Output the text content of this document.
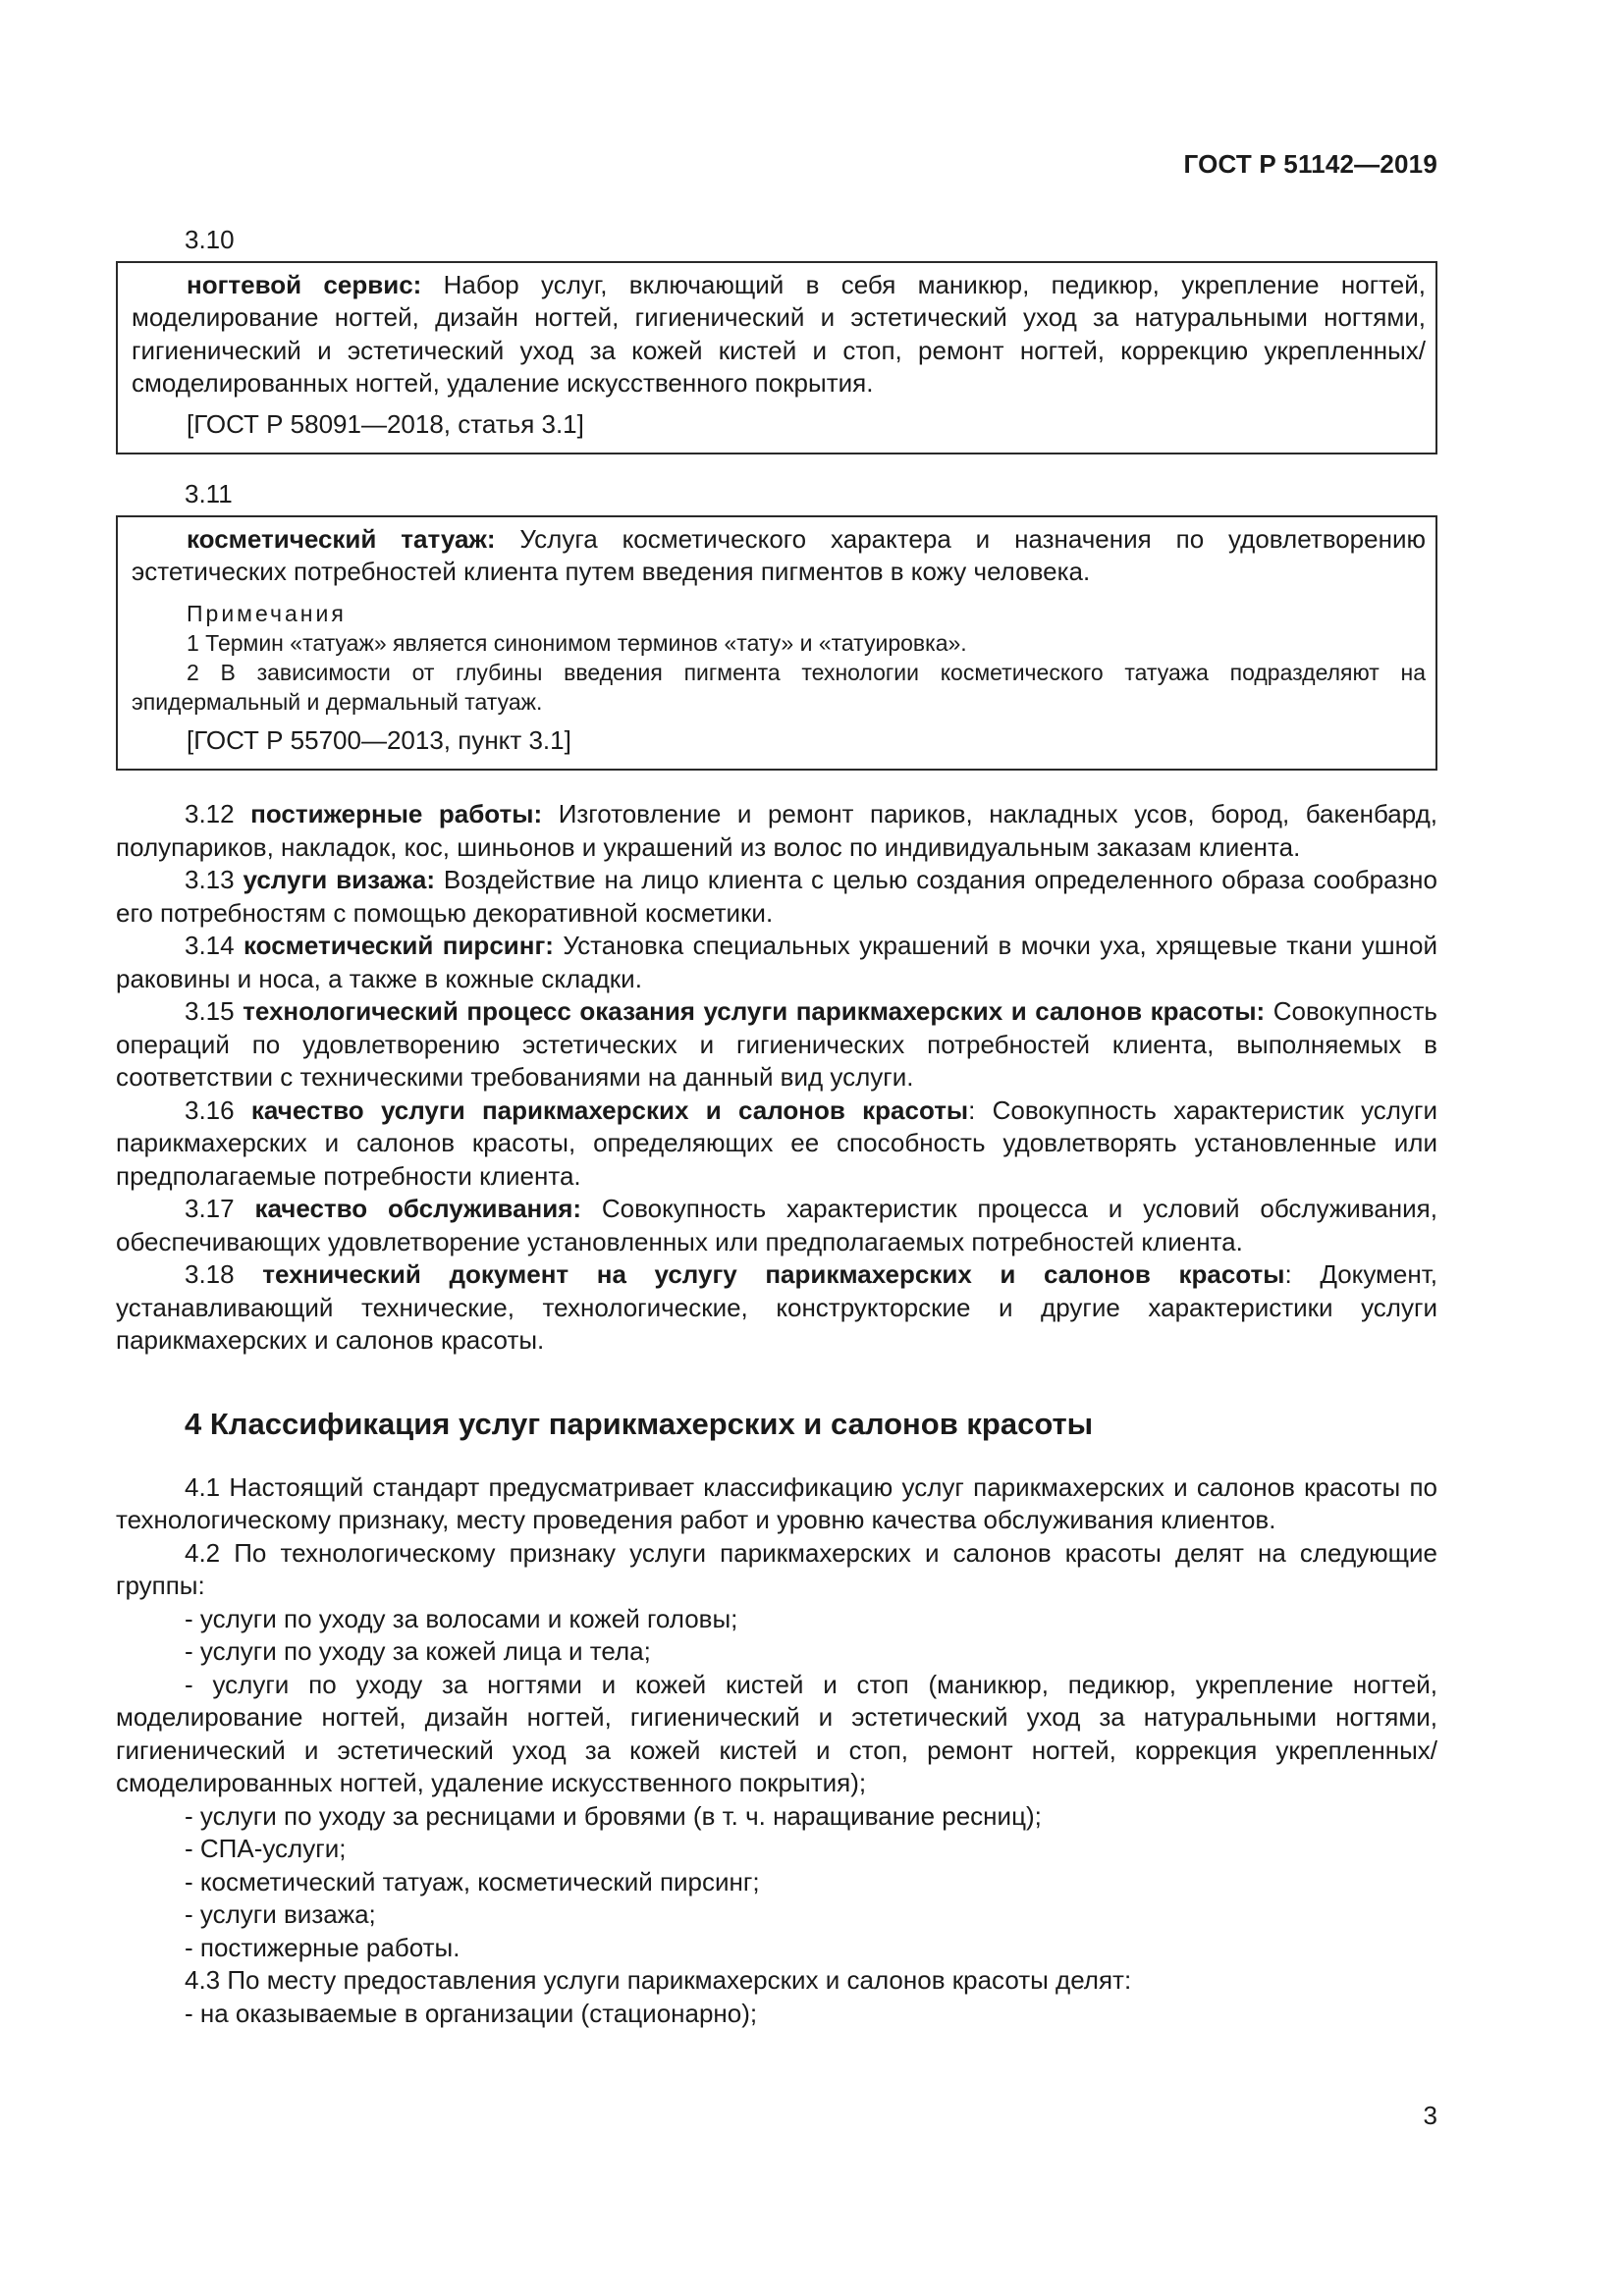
ГОСТ Р 51142—2019

3.10

ногтевой сервис: Набор услуг, включающий в себя маникюр, педикюр, укрепление ногтей, моделирование ногтей, дизайн ногтей, гигиенический и эстетический уход за натуральными ногтями, гигиенический и эстетический уход за кожей кистей и стоп, ремонт ногтей, коррекцию укрепленных/смоделированных ногтей, удаление искусственного покрытия.

[ГОСТ Р 58091—2018, статья 3.1]

3.11

косметический татуаж: Услуга косметического характера и назначения по удовлетворению эстетических потребностей клиента путем введения пигментов в кожу человека.

Примечания

1 Термин «татуаж» является синонимом терминов «тату» и «татуировка».

2 В зависимости от глубины введения пигмента технологии косметического татуажа подразделяют на эпидермальный и дермальный татуаж.

[ГОСТ Р 55700—2013, пункт 3.1]

3.12 постижерные работы: Изготовление и ремонт париков, накладных усов, бород, бакенбард, полупариков, накладок, кос, шиньонов и украшений из волос по индивидуальным заказам клиента.

3.13 услуги визажа: Воздействие на лицо клиента с целью создания определенного образа сообразно его потребностям с помощью декоративной косметики.

3.14 косметический пирсинг: Установка специальных украшений в мочки уха, хрящевые ткани ушной раковины и носа, а также в кожные складки.

3.15 технологический процесс оказания услуги парикмахерских и салонов красоты: Совокупность операций по удовлетворению эстетических и гигиенических потребностей клиента, выполняемых в соответствии с техническими требованиями на данный вид услуги.

3.16 качество услуги парикмахерских и салонов красоты: Совокупность характеристик услуги парикмахерских и салонов красоты, определяющих ее способность удовлетворять установленные или предполагаемые потребности клиента.

3.17 качество обслуживания: Совокупность характеристик процесса и условий обслуживания, обеспечивающих удовлетворение установленных или предполагаемых потребностей клиента.

3.18 технический документ на услугу парикмахерских и салонов красоты: Документ, устанавливающий технические, технологические, конструкторские и другие характеристики услуги парикмахерских и салонов красоты.

4 Классификация услуг парикмахерских и салонов красоты

4.1 Настоящий стандарт предусматривает классификацию услуг парикмахерских и салонов красоты по технологическому признаку, месту проведения работ и уровню качества обслуживания клиентов.

4.2 По технологическому признаку услуги парикмахерских и салонов красоты делят на следующие группы:

- услуги по уходу за волосами и кожей головы;

- услуги по уходу за кожей лица и тела;

- услуги по уходу за ногтями и кожей кистей и стоп (маникюр, педикюр, укрепление ногтей, моделирование ногтей, дизайн ногтей, гигиенический и эстетический уход за натуральными ногтями, гигиенический и эстетический уход за кожей кистей и стоп, ремонт ногтей, коррекция укрепленных/смоделированных ногтей, удаление искусственного покрытия);

- услуги по уходу за ресницами и бровями (в т. ч. наращивание ресниц);

- СПА-услуги;

- косметический татуаж, косметический пирсинг;

- услуги визажа;

- постижерные работы.

4.3 По месту предоставления услуги парикмахерских и салонов красоты делят:

- на оказываемые в организации (стационарно);

3
